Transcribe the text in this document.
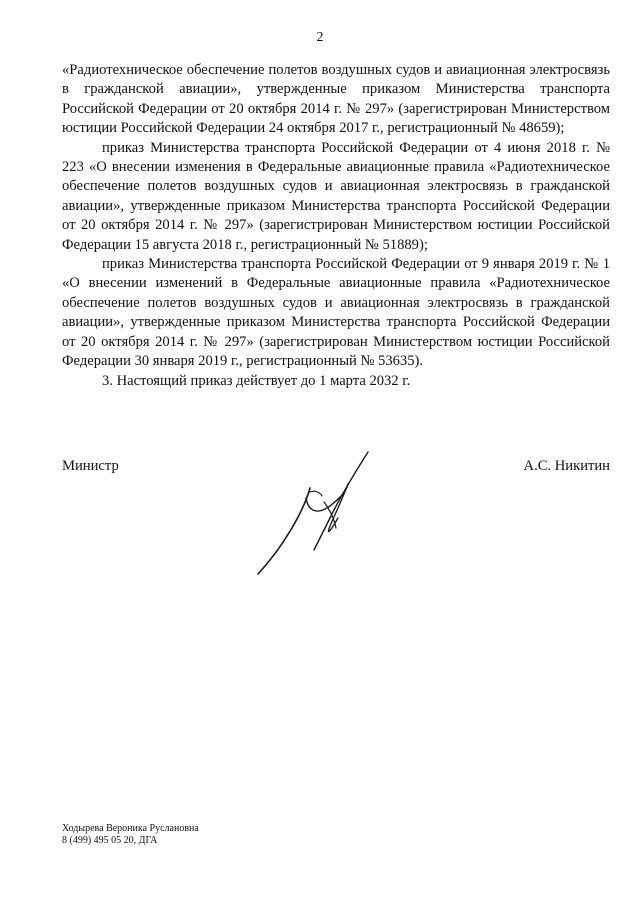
2

«Радиотехническое обеспечение полетов воздушных судов и авиационная электросвязь в гражданской авиации», утвержденные приказом Министерства транспорта Российской Федерации от 20 октября 2014 г. № 297» (зарегистрирован Министерством юстиции Российской Федерации 24 октября 2017 г., регистрационный № 48659);

приказ Министерства транспорта Российской Федерации от 4 июня 2018 г. № 223 «О внесении изменения в Федеральные авиационные правила «Радиотехническое обеспечение полетов воздушных судов и авиационная электросвязь в гражданской авиации», утвержденные приказом Министерства транспорта Российской Федерации от 20 октября 2014 г. № 297» (зарегистрирован Министерством юстиции Российской Федерации 15 августа 2018 г., регистрационный № 51889);

приказ Министерства транспорта Российской Федерации от 9 января 2019 г. № 1 «О внесении изменений в Федеральные авиационные правила «Радиотехническое обеспечение полетов воздушных судов и авиационная электросвязь в гражданской авиации», утвержденные приказом Министерства транспорта Российской Федерации от 20 октября 2014 г. № 297» (зарегистрирован Министерством юстиции Российской Федерации 30 января 2019 г., регистрационный № 53635).

3. Настоящий приказ действует до 1 марта 2032 г.

Министр	А.С. Никитин
Ходырева Вероника Руслановна
8 (499) 495 05 20, ДГА
